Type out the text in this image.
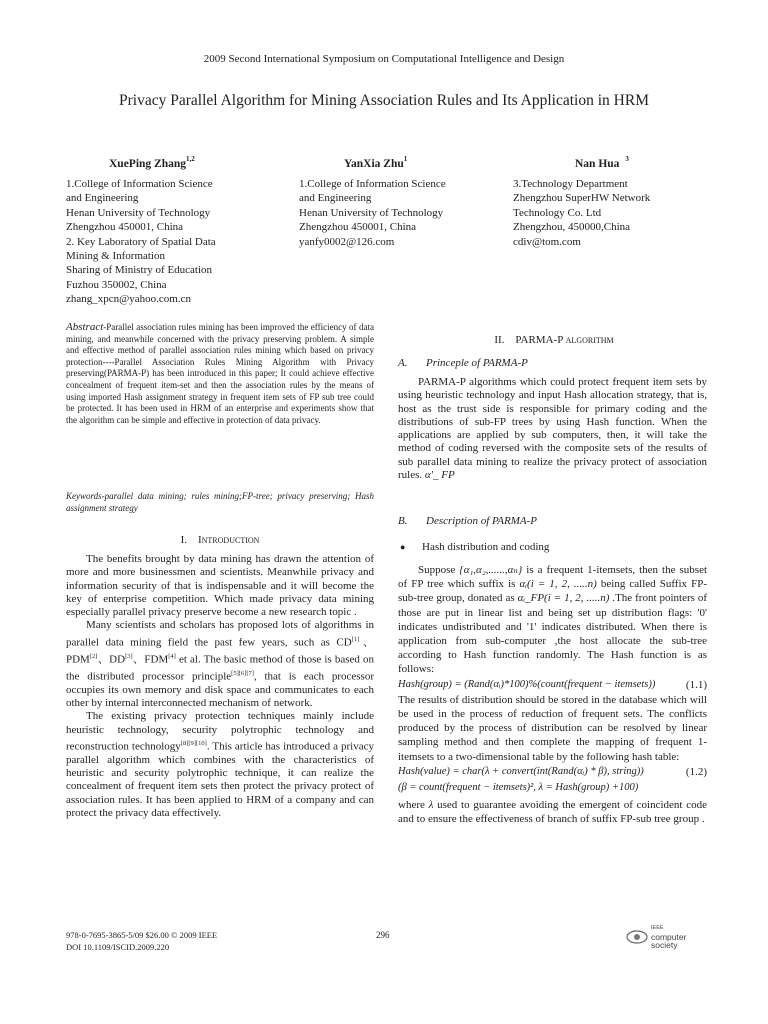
2009 Second International Symposium on Computational Intelligence and Design
Privacy Parallel Algorithm for Mining Association Rules and Its Application in HRM
XuePing Zhang$^{1,2}$
1.College of Information Science
and Engineering
Henan University of Technology
Zhengzhou 450001, China
2. Key Laboratory of Spatial Data
Mining & Information
Sharing of Ministry of Education
Fuzhou 350002, China
zhang_xpcn@yahoo.com.cn
YanXia Zhu$^1$
1.College of Information Science
and Engineering
Henan University of Technology
Zhengzhou 450001, China
yanfy0002@126.com
Nan Hua $^3$
3.Technology Department
Zhengzhou SuperHW Network
Technology Co. Ltd
Zhengzhou, 450000,China
cdiv@tom.com
Abstract-Parallel association rules mining has been improved the efficiency of data mining, and meanwhile concerned with the privacy preserving problem. A simple and effective method of parallel association rules mining which based on privacy protection----Parallel Association Rules Mining Algorithm with Privacy preserving(PARMA-P) has been introduced in this paper; It could achieve effective concealment of frequent item-set and then the association rules by the means of using imported Hash assignment strategy in frequent item sets of FP sub tree could be protected. It has been used in HRM of an enterprise and experiments show that the algorithm can be simple and effective in protection of data privacy.
Keywords-parallel data mining; rules mining;FP-tree; privacy preserving; Hash assignment strategy
I. Introduction

The benefits brought by data mining has drawn the attention of more and more businessmen and scientists. Meanwhile privacy and information security of that is indispensable and it will become the key of enterprise competition. Which made privacy data mining especially parallel privacy preserve become a new research topic .

Many scientists and scholars has proposed lots of algorithms in parallel data mining field the past few years, such as CD[1]、PDM[2]、DD[3]、FDM[4] et al. The basic method of those is based on the distributed processor principle[5][6][7], that is each processor occupies its own memory and disk space and communicates to each other by internal interconnected mechanism of network.

The existing privacy protection techniques mainly include heuristic technology, security polytrophic technology and reconstruction technology[8][9][10]. This article has introduced a privacy parallel algorithm which combines with the characteristics of heuristic and security polytrophic technique, it can realize the concealment of frequent item sets then protect the privacy protect of association rules. It has been applied to HRM of a company and can protect the privacy data effectively.

II. PARMA-P algorithm
A. Princeple of PARMA-P

PARMA-P algorithms which could protect frequent item sets by using heuristic technology and input Hash allocation strategy, that is, host as the trust side is responsible for primary coding and the distributions of sub-FP trees by using Hash function. When the applications are applied by sub computers, then, it will take the method of coding reversed with the composite sets of the results of sub parallel data mining to realize the privacy protect of association rules. α'_ FP

B. Description of PARMA-P
● Hash distribution and coding

Suppose {α₁,α₂,......,αₙ} is a frequent 1-itemsets, then the subset of FP tree which suffix is αᵢ(i = 1, 2, .....n) being called Suffix FP-sub-tree group, donated as αᵢ_FP(i = 1, 2, .....n) .The front pointers of those are put in linear list and being set up distribution flags: '0' indicates undistributed and '1' indicates distributed. When there is application from sub-computer ,the host allocate the sub-tree according to Hash function randomly. The Hash function is as follows:

Hash(group) = (Rand(αᵢ)*100)%(count(frequent − itemsets))	(1.1)

The results of distribution should be stored in the database which will be used in the process of reduction of frequent sets. The conflicts produced by the process of distribution can be resolved by linear sampling method and then complete the mapping of frequent 1-itemsets to a two-dimensional table by the following hash table:

Hash(value) = char(λ + convert(int(Rand(αᵢ) * β), string))	(1.2)
(β = count(frequent − itemsets)², λ = Hash(group) +100)

where λ used to guarantee avoiding the emergent of coincident code and to ensure the effectiveness of branch of suffix FP-sub tree group .

978-0-7695-3865-5/09 $26.00 © 2009 IEEE
DOI 10.1109/ISCID.2009.220
296
IEEE
computer
society
